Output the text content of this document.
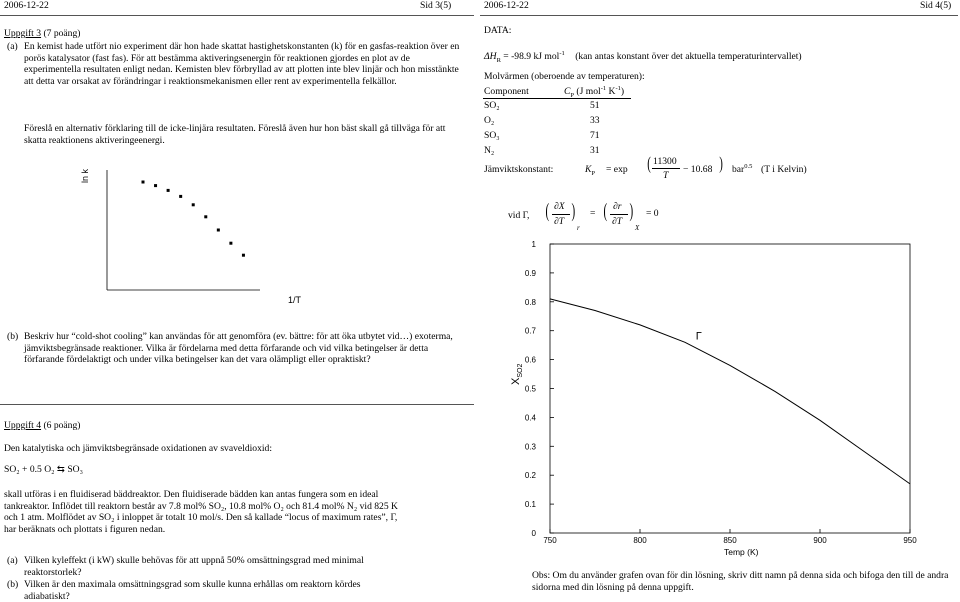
2006-12-22	Sid 3(5)
Uppgift 3 (7 poäng)
(a) En kemist hade utfört nio experiment där hon hade skattat hastighetskonstanten (k) för en gasfas-reaktion över en porös katalysator (fast fas). För att bestämma aktiveringsenergin för reaktionen gjordes en plot av de experimentella resultaten enligt nedan. Kemisten blev förbryllad av att plotten inte blev linjär och hon misstänkte att detta var orsakat av förändringar i reaktionsmekanismen eller rent av experimentella felkällor.
Föreslå en alternativ förklaring till de icke-linjära resultaten. Föreslå även hur hon bäst skall gå tillväga för att skatta reaktionens aktiveringeenergi.
ln k
1/T
(b) Beskriv hur “cold-shot cooling” kan användas för att genomföra (ev. bättre: för att öka utbytet vid…) exoterma, jämviktsbegränsade reaktioner. Vilka är fördelarna med detta förfarande och vid vilka betingelser är detta förfarande fördelaktigt och under vilka betingelser kan det vara olämpligt eller opraktiskt?
Uppgift 4 (6 poäng)
Den katalytiska och jämviktsbegränsade oxidationen av svaveldioxid:
SO₂ + 0.5 O₂ ⇆ SO₃
skall utföras i en fluidiserad bäddreaktor. Den fluidiserade bädden kan antas fungera som en ideal tankreaktor. Inflödet till reaktorn består av 7.8 mol% SO₂, 10.8 mol% O₂ och 81.4 mol% N₂ vid 825 K och 1 atm. Molflödet av SO₂ i inloppet är totalt 10 mol/s. Den så kallade “locus of maximum rates”, Γ, har beräknats och plottats i figuren nedan.
(a) Vilken kyleffekt (i kW) skulle behövas för att uppnå 50% omsättningsgrad med minimal reaktorstorlek?
(b) Vilken är den maximala omsättningsgrad som skulle kunna erhållas om reaktorn kördes adiabatiskt?
2006-12-22	Sid 4(5)
DATA:
$\Delta H_R = -98.9$ kJ mol$^{-1}$ (kan antas konstant över det aktuella temperaturintervallet)
Molvärmen (oberoende av temperaturen):
Component	$C_P$ (J mol$^{-1}$ $K^{-1}$)
SO₂	51
O₂	33
SO₃	71
N₂	31
Jämviktskonstant:	$K_P = \exp$ ( 11300
T
− 10.68 ) bar$^{0.5}$ (T i Kelvin)
vid Γ, ( ∂X
∂T )
r
= ( ∂r
∂T )
X
= 0
750	800	850	900	950
0
0.1
0.2
0.3
0.4
0.5
0.6
0.7
0.8
0.9
1
Γ
Temp (K)
$X_{SO2}$
Obs: Om du använder grafen ovan för din lösning, skriv ditt namn på denna sida och bifoga den till de andra sidorna med din lösning på denna uppgift.
